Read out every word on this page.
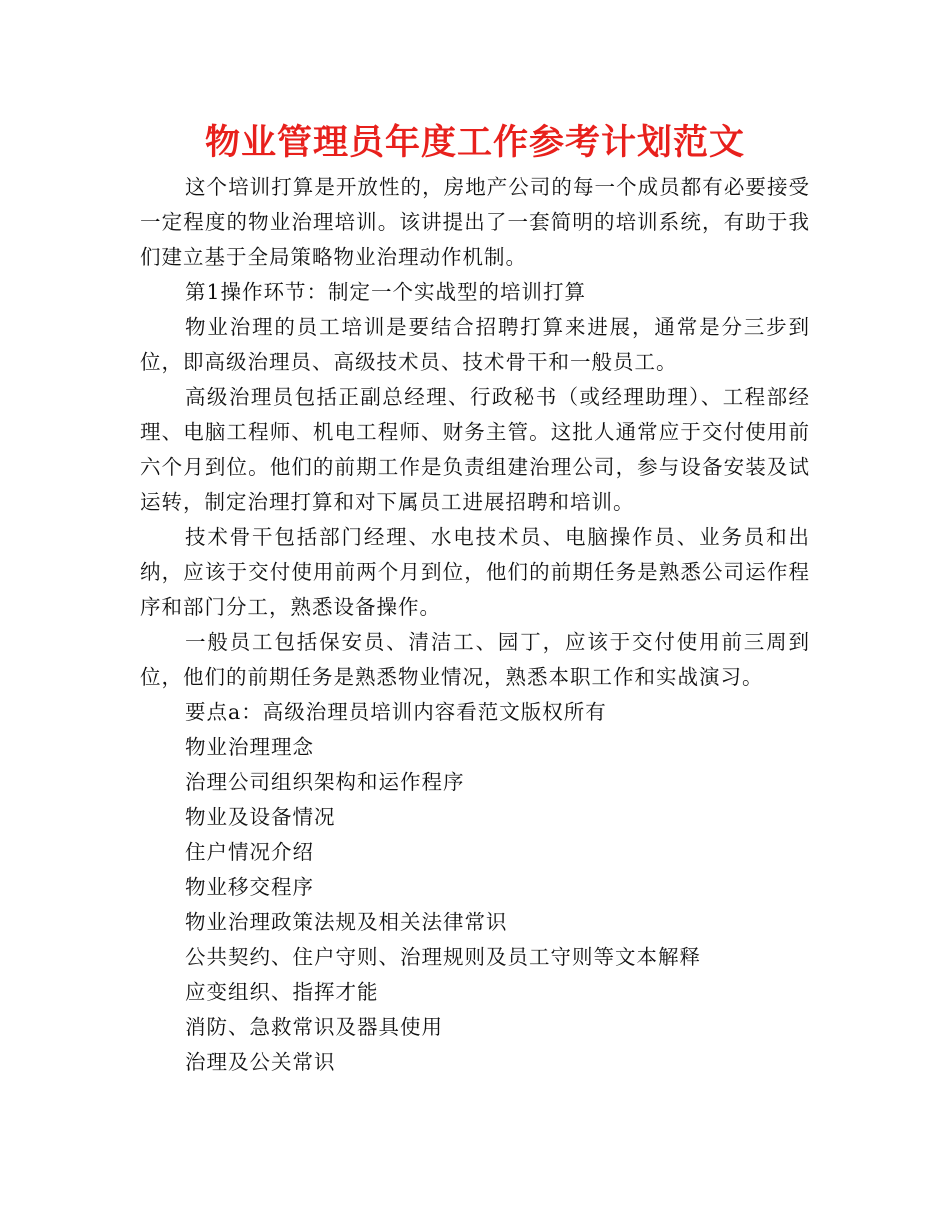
物业管理员年度工作参考计划范文

这个培训打算是开放性的，房地产公司的每一个成员都有必要接受一定程度的物业治理培训。该讲提出了一套简明的培训系统，有助于我们建立基于全局策略物业治理动作机制。

第1操作环节：制定一个实战型的培训打算

物业治理的员工培训是要结合招聘打算来进展，通常是分三步到位，即高级治理员、高级技术员、技术骨干和一般员工。

高级治理员包括正副总经理、行政秘书（或经理助理）、工程部经理、电脑工程师、机电工程师、财务主管。这批人通常应于交付使用前六个月到位。他们的前期工作是负责组建治理公司，参与设备安装及试运转，制定治理打算和对下属员工进展招聘和培训。

技术骨干包括部门经理、水电技术员、电脑操作员、业务员和出纳，应该于交付使用前两个月到位，他们的前期任务是熟悉公司运作程序和部门分工，熟悉设备操作。

一般员工包括保安员、清洁工、园丁，应该于交付使用前三周到位，他们的前期任务是熟悉物业情况，熟悉本职工作和实战演习。

要点a：高级治理员培训内容看范文版权所有

物业治理理念

治理公司组织架构和运作程序

物业及设备情况

住户情况介绍

物业移交程序

物业治理政策法规及相关法律常识

公共契约、住户守则、治理规则及员工守则等文本解释

应变组织、指挥才能

消防、急救常识及器具使用

治理及公关常识
